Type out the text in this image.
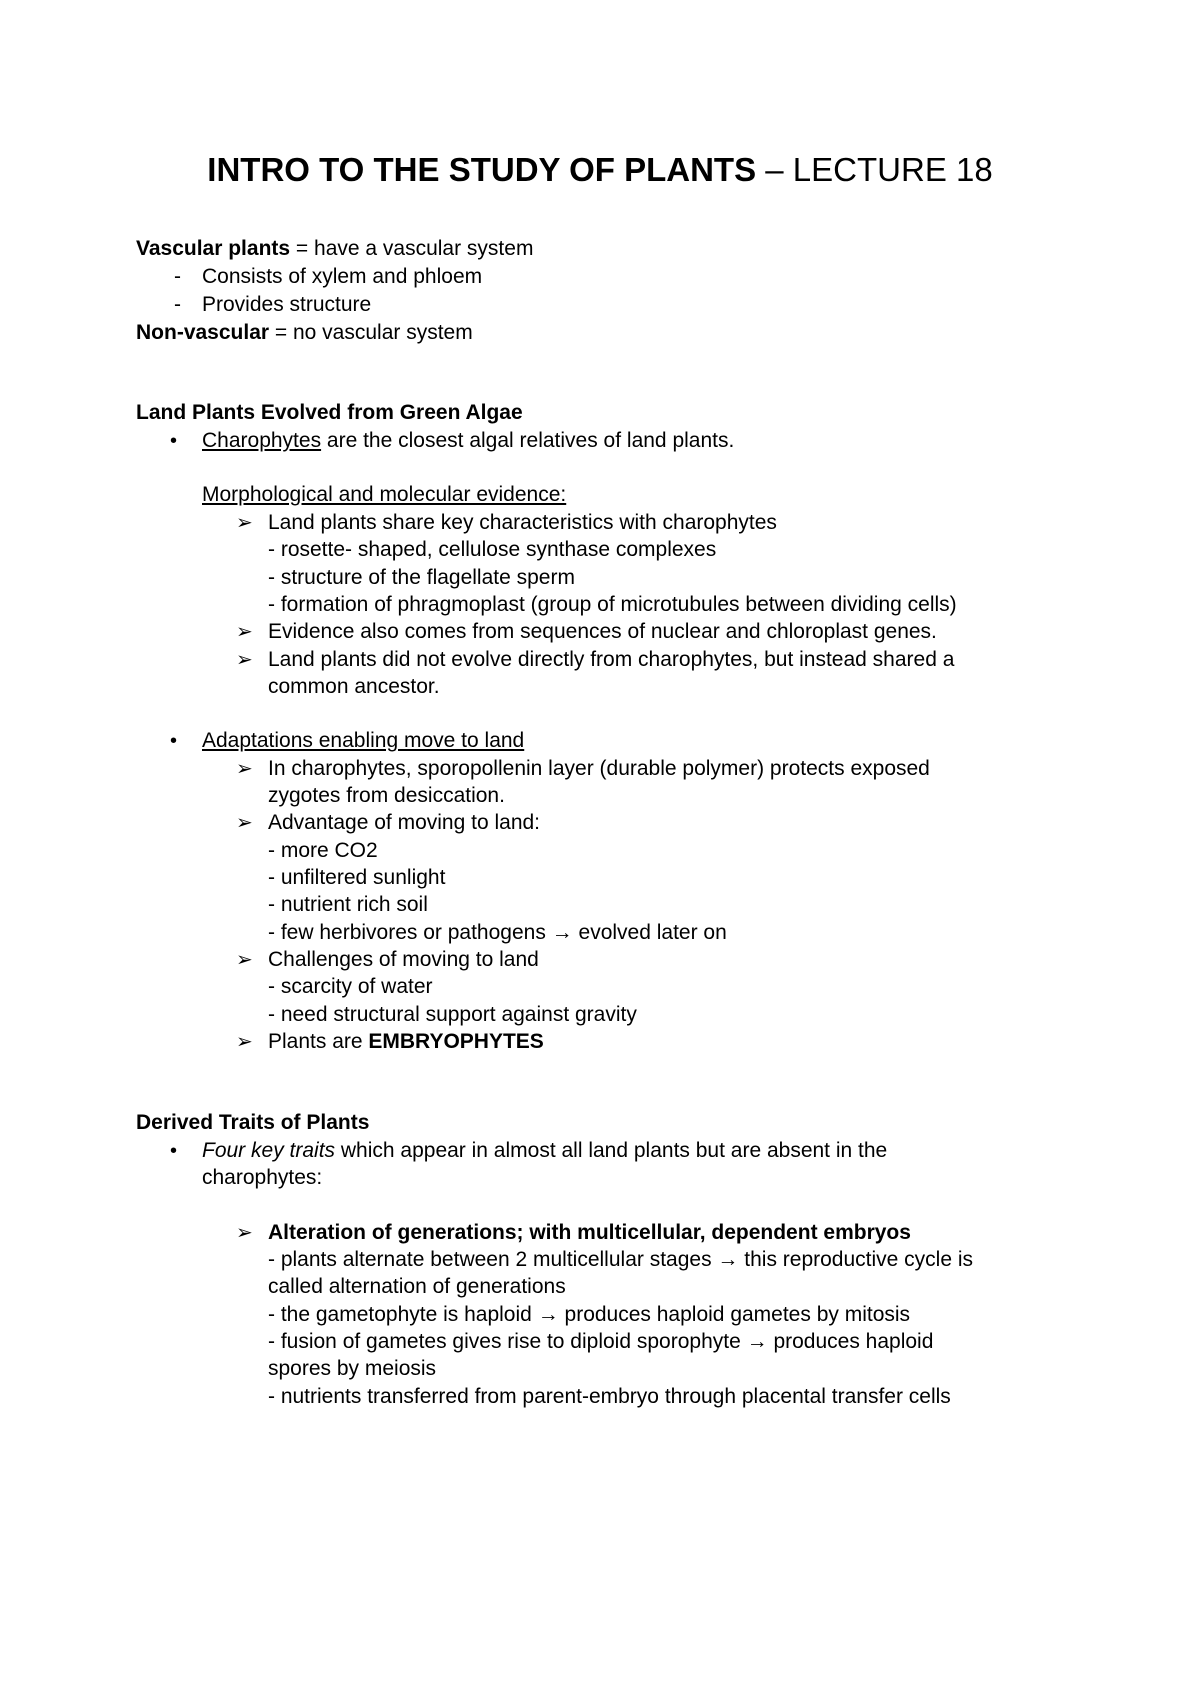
INTRO TO THE STUDY OF PLANTS – LECTURE 18
Vascular plants = have a vascular system
- Consists of xylem and phloem
- Provides structure
Non-vascular = no vascular system
Land Plants Evolved from Green Algae
• Charophytes are the closest algal relatives of land plants.
Morphological and molecular evidence:
➢ Land plants share key characteristics with charophytes
- rosette- shaped, cellulose synthase complexes
- structure of the flagellate sperm
- formation of phragmoplast (group of microtubules between dividing cells)
➢ Evidence also comes from sequences of nuclear and chloroplast genes.
➢ Land plants did not evolve directly from charophytes, but instead shared a
common ancestor.
• Adaptations enabling move to land
➢ In charophytes, sporopollenin layer (durable polymer) protects exposed
zygotes from desiccation.
➢ Advantage of moving to land:
- more CO2
- unfiltered sunlight
- nutrient rich soil
- few herbivores or pathogens → evolved later on
➢ Challenges of moving to land
- scarcity of water
- need structural support against gravity
➢ Plants are EMBRYOPHYTES
Derived Traits of Plants
• Four key traits which appear in almost all land plants but are absent in the
charophytes:
➢ Alteration of generations; with multicellular, dependent embryos
- plants alternate between 2 multicellular stages → this reproductive cycle is
called alternation of generations
- the gametophyte is haploid → produces haploid gametes by mitosis
- fusion of gametes gives rise to diploid sporophyte → produces haploid
spores by meiosis
- nutrients transferred from parent-embryo through placental transfer cells
